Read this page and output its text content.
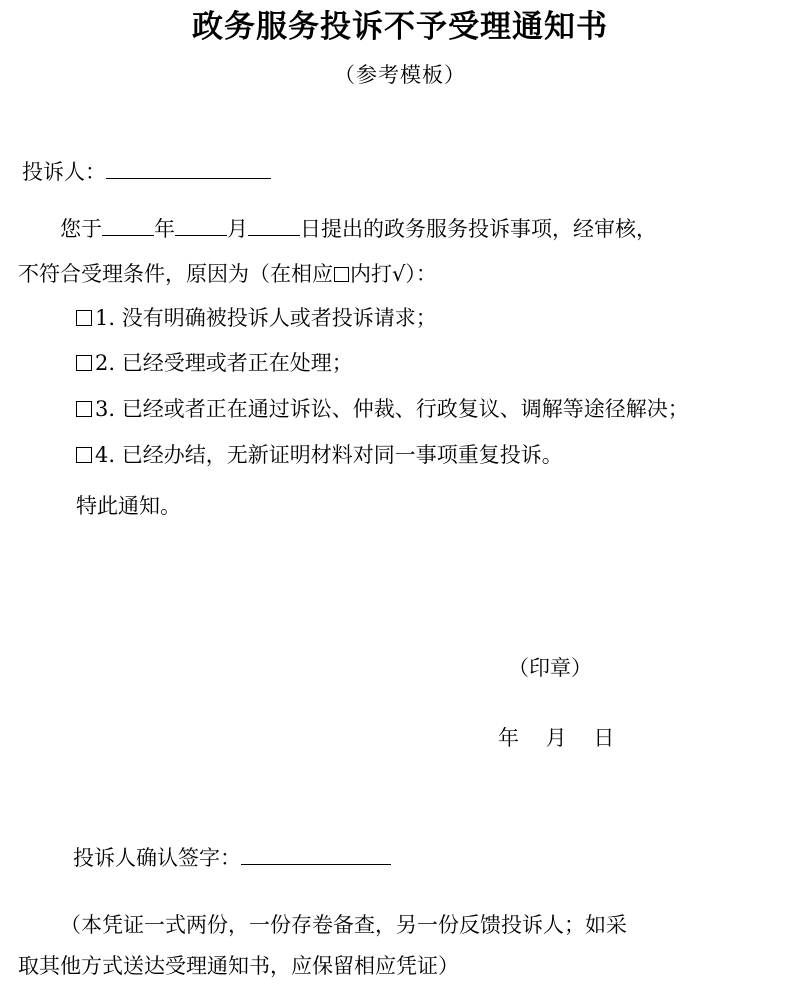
政务服务投诉不予受理通知书
（参考模板）
投诉人：
您于 年 月 日提出的政务服务投诉事项，经审核，
不符合受理条件，原因为（在相应 内打√）：
1. 没有明确被投诉人或者投诉请求；
2. 已经受理或者正在处理；
3. 已经或者正在通过诉讼、仲裁、行政复议、调解等途径解决；
4. 已经办结，无新证明材料对同一事项重复投诉。
特此通知。
（印章）
年 月 日
投诉人确认签字：
（本凭证一式两份，一份存卷备查，另一份反馈投诉人；如采
取其他方式送达受理通知书，应保留相应凭证）
